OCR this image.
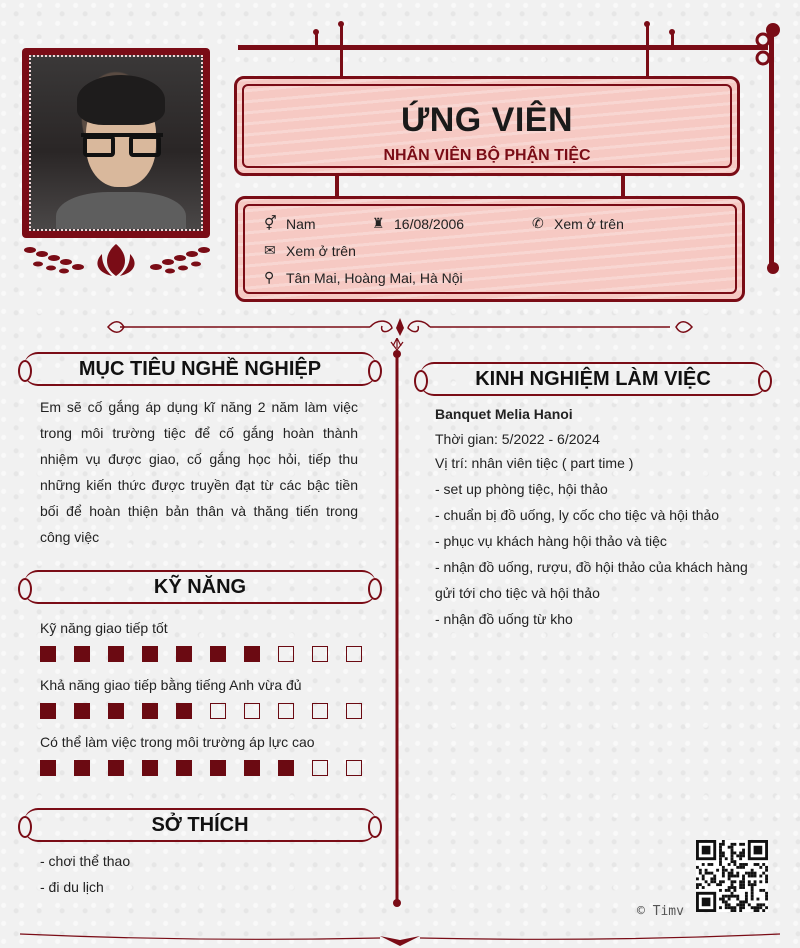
ỨNG VIÊN
NHÂN VIÊN BỘ PHẬN TIỆC
⚥ Nam	♜ 16/08/2006	✆ Xem ở trên
✉ Xem ở trên
⚲ Tân Mai, Hoàng Mai, Hà Nội
MỤC TIÊU NGHỀ NGHIỆP
Em sẽ cố gắng áp dụng kĩ năng 2 năm làm việc
trong môi trường tiệc để cố gắng hoàn thành
nhiệm vụ được giao, cố gắng học hỏi, tiếp thu
những kiến thức được truyền đạt từ các bậc tiền
bối để hoàn thiện bản thân và thăng tiến trong
công việc
KỸ NĂNG
Kỹ năng giao tiếp tốt
Khả năng giao tiếp bằng tiếng Anh vừa đủ
Có thể làm việc trong môi trường áp lực cao
SỞ THÍCH
- chơi thể thao
- đi du lịch
KINH NGHIỆM LÀM VIỆC
Banquet Melia Hanoi
Thời gian: 5/2022 - 6/2024
Vị trí: nhân viên tiệc ( part time )
- set up phòng tiệc, hội thảo
- chuẩn bị đồ uống, ly cốc cho tiệc và hội thảo
- phục vụ khách hàng hội thảo và tiệc
- nhận đồ uống, rượu, đồ hội thảo của khách hàng
gửi tới cho tiệc và hội thảo
- nhận đồ uống từ kho
© Timv
